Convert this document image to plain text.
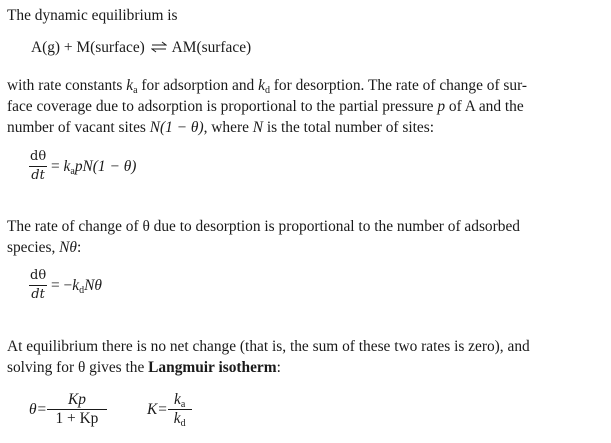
The dynamic equilibrium is

A(g) + M(surface) ⇌ AM(surface)

with rate constants $k_a$ for adsorption and $k_d$ for desorption. The rate of change of sur-

face coverage due to adsorption is proportional to the partial pressure p of A and the

number of vacant sites N(1 − θ), where N is the total number of sites:

$\frac{d\theta}{dt} = k_apN(1 - \theta)$

The rate of change of θ due to desorption is proportional to the number of adsorbed

species, Nθ:

$\frac{d\theta}{dt} = -k_dN\theta$

At equilibrium there is no net change (that is, the sum of these two rates is zero), and

solving for θ gives the Langmuir isotherm:

$\theta= \frac{Kp}{1 + Kp}$	$K= \frac{k_a}{k_d}$
